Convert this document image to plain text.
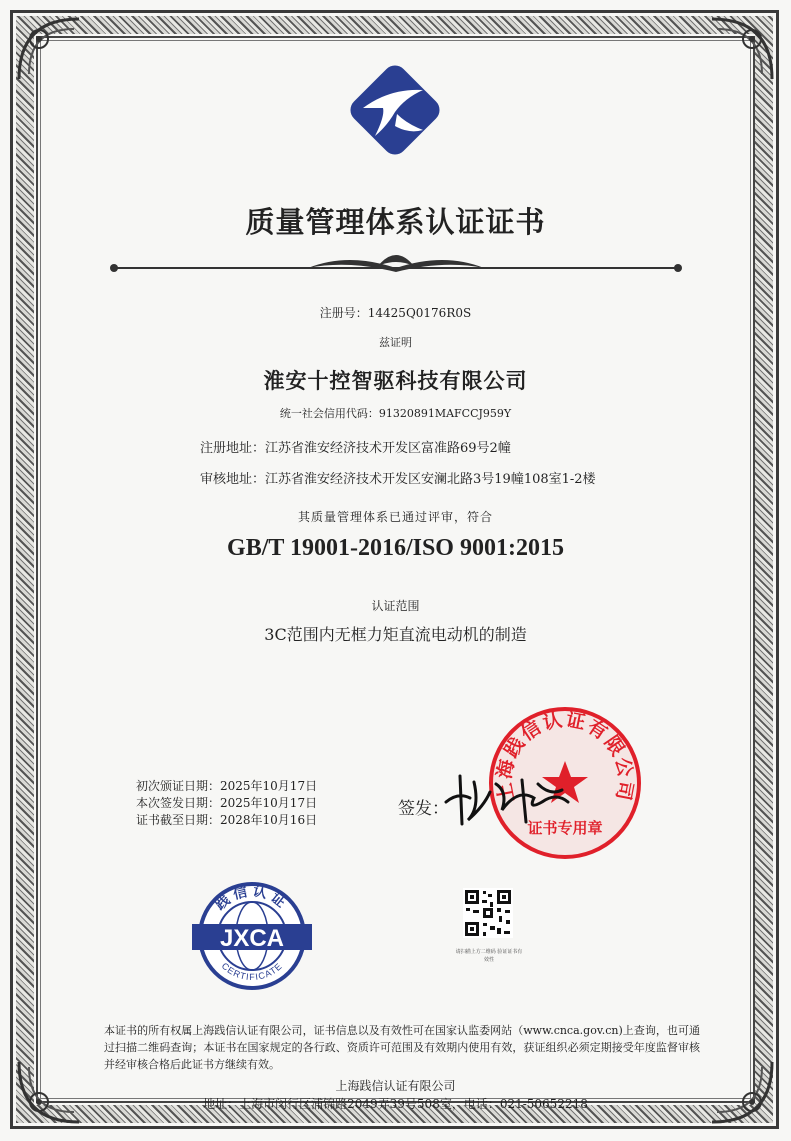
质量管理体系认证证书
注册号：14425Q0176R0S
兹证明
淮安十控智驱科技有限公司
统一社会信用代码：91320891MAFCCJ959Y
注册地址：江苏省淮安经济技术开发区富准路69号2幢
审核地址：江苏省淮安经济技术开发区安澜北路3号19幢108室1-2楼
其质量管理体系已通过评审，符合
GB/T 19001-2016/ISO 9001:2015
认证范围
3C范围内无框力矩直流电动机的制造
初次颁证日期：2025年10月17日
本次签发日期：2025年10月17日
证书截至日期：2028年10月16日
上海践信认证有限公司
证书专用章
签发：
践信认证
JXCA
CERTIFICATE
请扫描上方二维码 验证证书有效性
本证书的所有权属上海践信认证有限公司，证书信息以及有效性可在国家认监委网站（www.cnca.gov.cn)上查询，也可通过扫描二维码查询；本证书在国家规定的各行政、资质许可范围及有效期内使用有效，获证组织必须定期接受年度监督审核并经审核合格后此证书方继续有效。
上海践信认证有限公司
地址：上海市闵行区浦锦路2049弄39号508室，电话：021-50652218
